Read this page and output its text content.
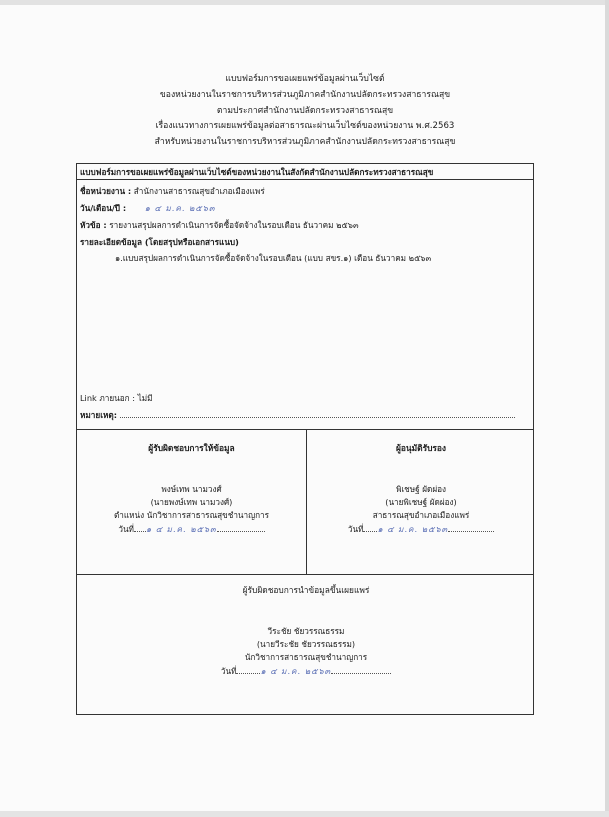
แบบฟอร์มการขอเผยแพร่ข้อมูลผ่านเว็บไซต์
ของหน่วยงานในราชการบริหารส่วนภูมิภาคสำนักงานปลัดกระทรวงสาธารณสุข
ตามประกาศสำนักงานปลัดกระทรวงสาธารณสุข
เรื่องแนวทางการเผยแพร่ข้อมูลต่อสาธารณะผ่านเว็บไซต์ของหน่วยงาน พ.ศ.2563
สำหรับหน่วยงานในราชการบริหารส่วนภูมิภาคสำนักงานปลัดกระทรวงสาธารณสุข
แบบฟอร์มการขอเผยแพร่ข้อมูลผ่านเว็บไซต์ของหน่วยงานในสังกัดสำนักงานปลัดกระทรวงสาธารณสุข
ชื่อหน่วยงาน : สำนักงานสาธารณสุขอำเภอเมืองแพร่
วัน/เดือน/ปี : ๑ ๔ ม.ค. ๒๕๖๓
หัวข้อ : รายงานสรุปผลการดำเนินการจัดซื้อจัดจ้างในรอบเดือน ธันวาคม ๒๕๖๓
รายละเอียดข้อมูล (โดยสรุปหรือเอกสารแนบ)
๑.แบบสรุปผลการดำเนินการจัดซื้อจัดจ้างในรอบเดือน (แบบ สขร.๑) เดือน ธันวาคม ๒๕๖๓
Link ภายนอก : ไม่มี
หมายเหตุ:
ผู้รับผิดชอบการให้ข้อมูล
พงษ์เทพ นามวงศ์
(นายพงษ์เทพ นามวงศ์)
ตำแหน่ง นักวิชาการสาธารณสุขชำนาญการ
วันที่ ๑ ๔ ม.ค. ๒๕๖๓
ผู้อนุมัติรับรอง
พิเชษฐ์ ผัดผ่อง
(นายพิเชษฐ์ ผัดผ่อง)
สาธารณสุขอำเภอเมืองแพร่
วันที่ ๑ ๔ ม.ค. ๒๕๖๓
ผู้รับผิดชอบการนำข้อมูลขึ้นเผยแพร่
วีระชัย ชัยวรรณธรรม
(นายวีระชัย ชัยวรรณธรรม)
นักวิชาการสาธารณสุขชำนาญการ
วันที่	๑ ๔ ม.ค. ๒๕๖๓
